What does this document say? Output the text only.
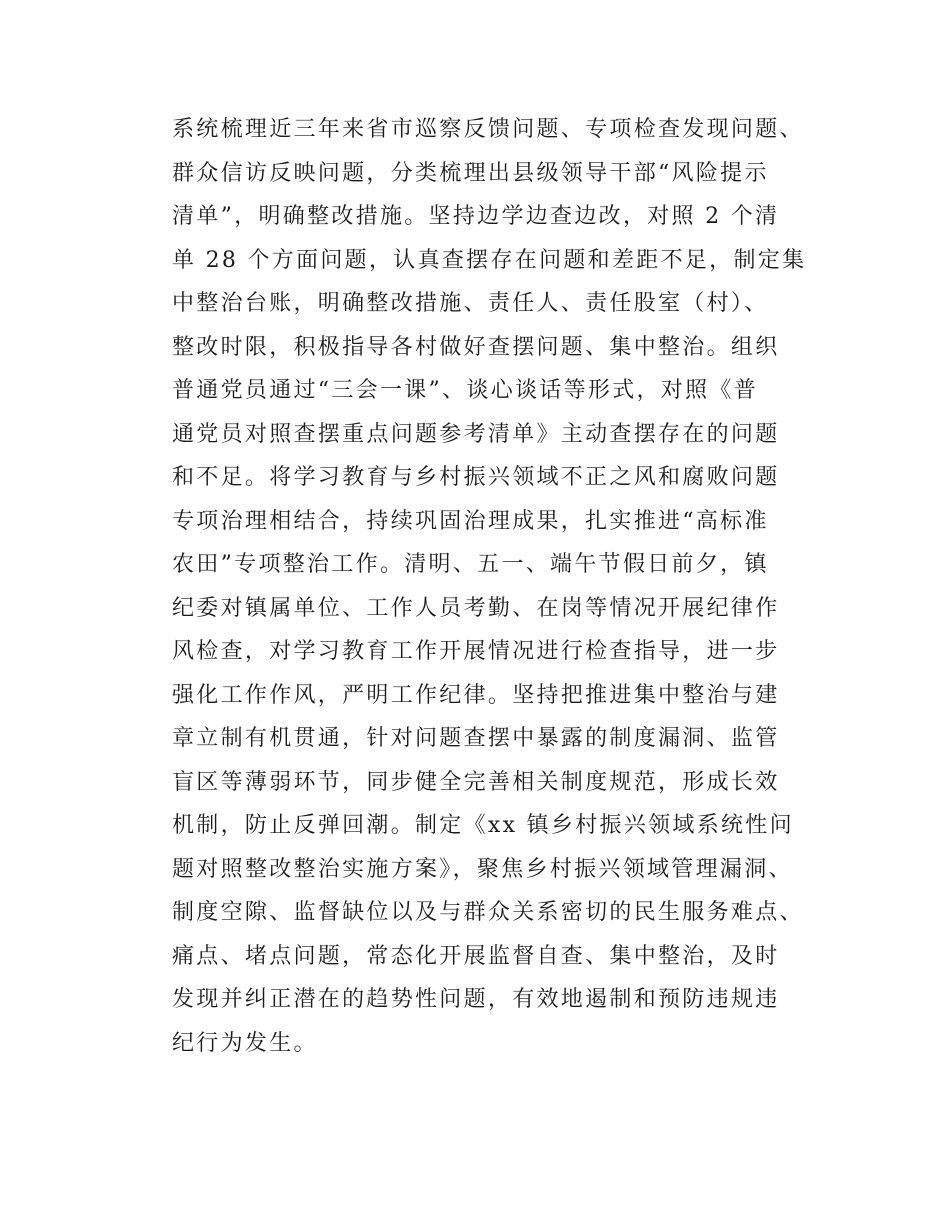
系统梳理近三年来省市巡察反馈问题、专项检查发现问题、
群众信访反映问题，分类梳理出县级领导干部“风险提示
清单”，明确整改措施。坚持边学边查边改，对照 2 个清
单 28 个方面问题，认真查摆存在问题和差距不足，制定集
中整治台账，明确整改措施、责任人、责任股室（村）、
整改时限，积极指导各村做好查摆问题、集中整治。组织
普通党员通过“三会一课”、谈心谈话等形式，对照《普
通党员对照查摆重点问题参考清单》主动查摆存在的问题
和不足。将学习教育与乡村振兴领域不正之风和腐败问题
专项治理相结合，持续巩固治理成果，扎实推进“高标准
农田”专项整治工作。清明、五一、端午节假日前夕，镇
纪委对镇属单位、工作人员考勤、在岗等情况开展纪律作
风检查，对学习教育工作开展情况进行检查指导，进一步
强化工作作风，严明工作纪律。坚持把推进集中整治与建
章立制有机贯通，针对问题查摆中暴露的制度漏洞、监管
盲区等薄弱环节，同步健全完善相关制度规范，形成长效
机制，防止反弹回潮。制定《xx 镇乡村振兴领域系统性问
题对照整改整治实施方案》，聚焦乡村振兴领域管理漏洞、
制度空隙、监督缺位以及与群众关系密切的民生服务难点、
痛点、堵点问题，常态化开展监督自查、集中整治，及时
发现并纠正潜在的趋势性问题，有效地遏制和预防违规违
纪行为发生。
